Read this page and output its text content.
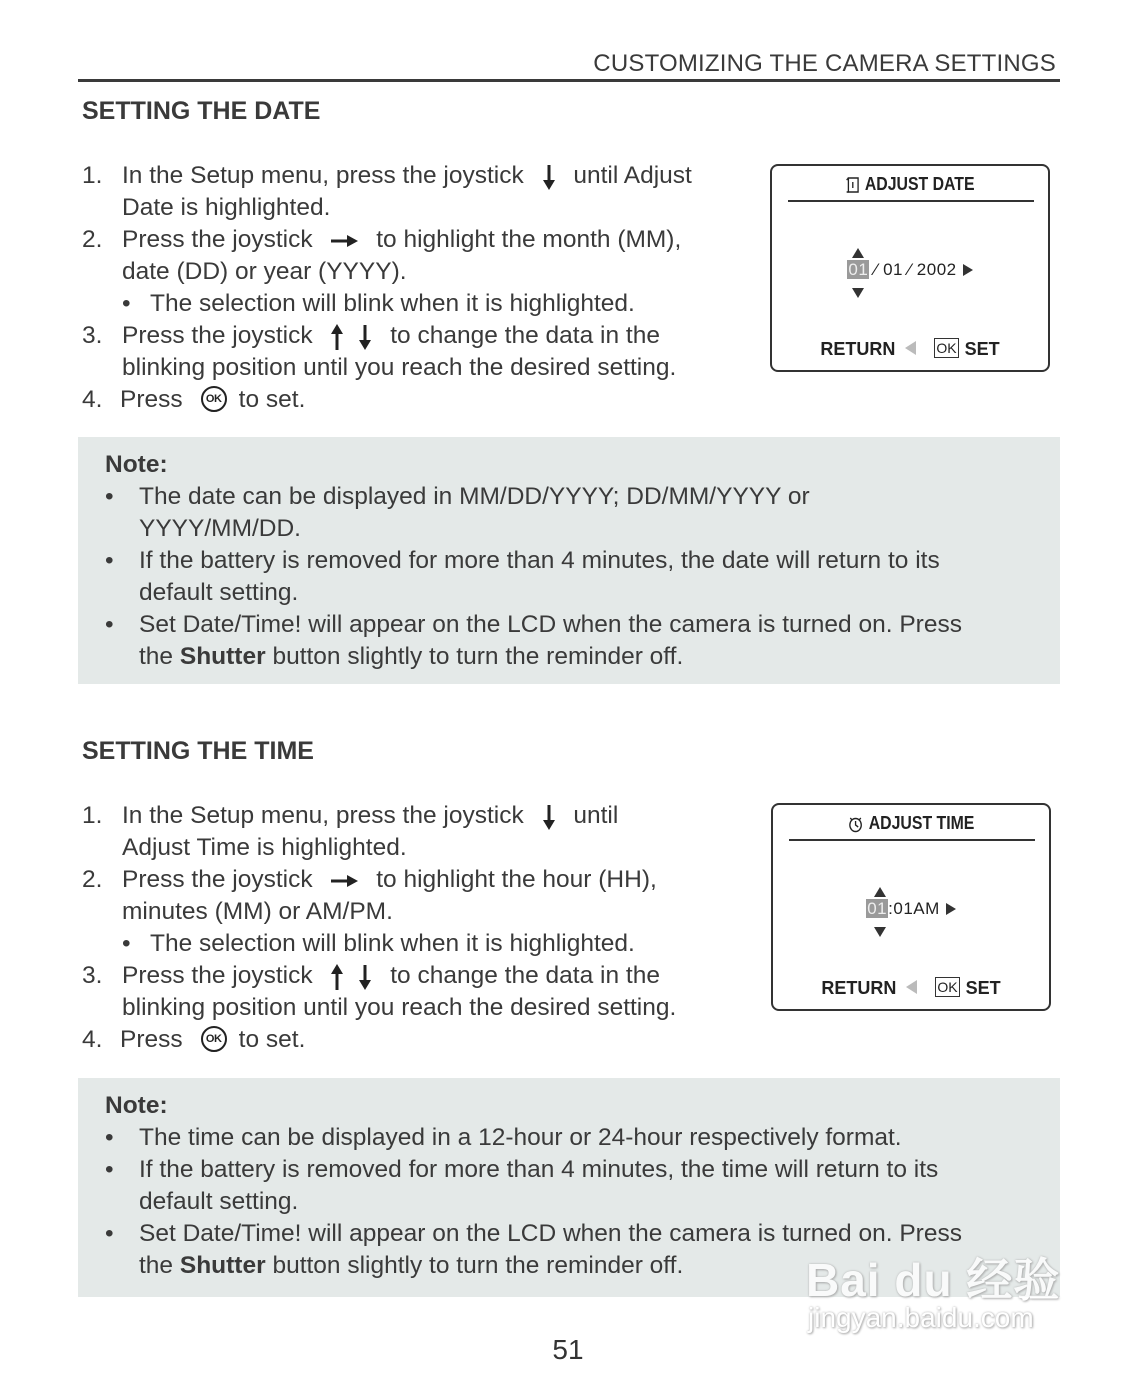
CUSTOMIZING THE CAMERA SETTINGS
SETTING THE DATE
1. In the Setup menu, press the joystick until Adjust
Date is highlighted.
2. Press the joystick	to highlight the month (MM),
date (DD) or year (YYYY).
• The selection will blink when it is highlighted.
3. Press the joystick	to change the data in the
blinking position until you reach the desired setting.
4. Press OK to set.
ADJUST DATE
01 ⁄ 01 ⁄ 2002
RETURN	OK SET
Note:
• The date can be displayed in MM/DD/YYYY; DD/MM/YYYY or
YYYY/MM/DD.
• If the battery is removed for more than 4 minutes, the date will return to its
default setting.
• Set Date/Time! will appear on the LCD when the camera is turned on. Press
the Shutter button slightly to turn the reminder off.
SETTING THE TIME
1. In the Setup menu, press the joystick until
Adjust Time is highlighted.
2. Press the joystick	to highlight the hour (HH),
minutes (MM) or AM/PM.
• The selection will blink when it is highlighted.
3. Press the joystick	to change the data in the
blinking position until you reach the desired setting.
4. Press OK to set.
ADJUST TIME
01:01AM
RETURN	OK SET
Note:
• The time can be displayed in a 12-hour or 24-hour respectively format.
• If the battery is removed for more than 4 minutes, the time will return to its
default setting.
• Set Date/Time! will appear on the LCD when the camera is turned on. Press
the Shutter button slightly to turn the reminder off.	Bai du 经验
jingyan.baidu.com
51
